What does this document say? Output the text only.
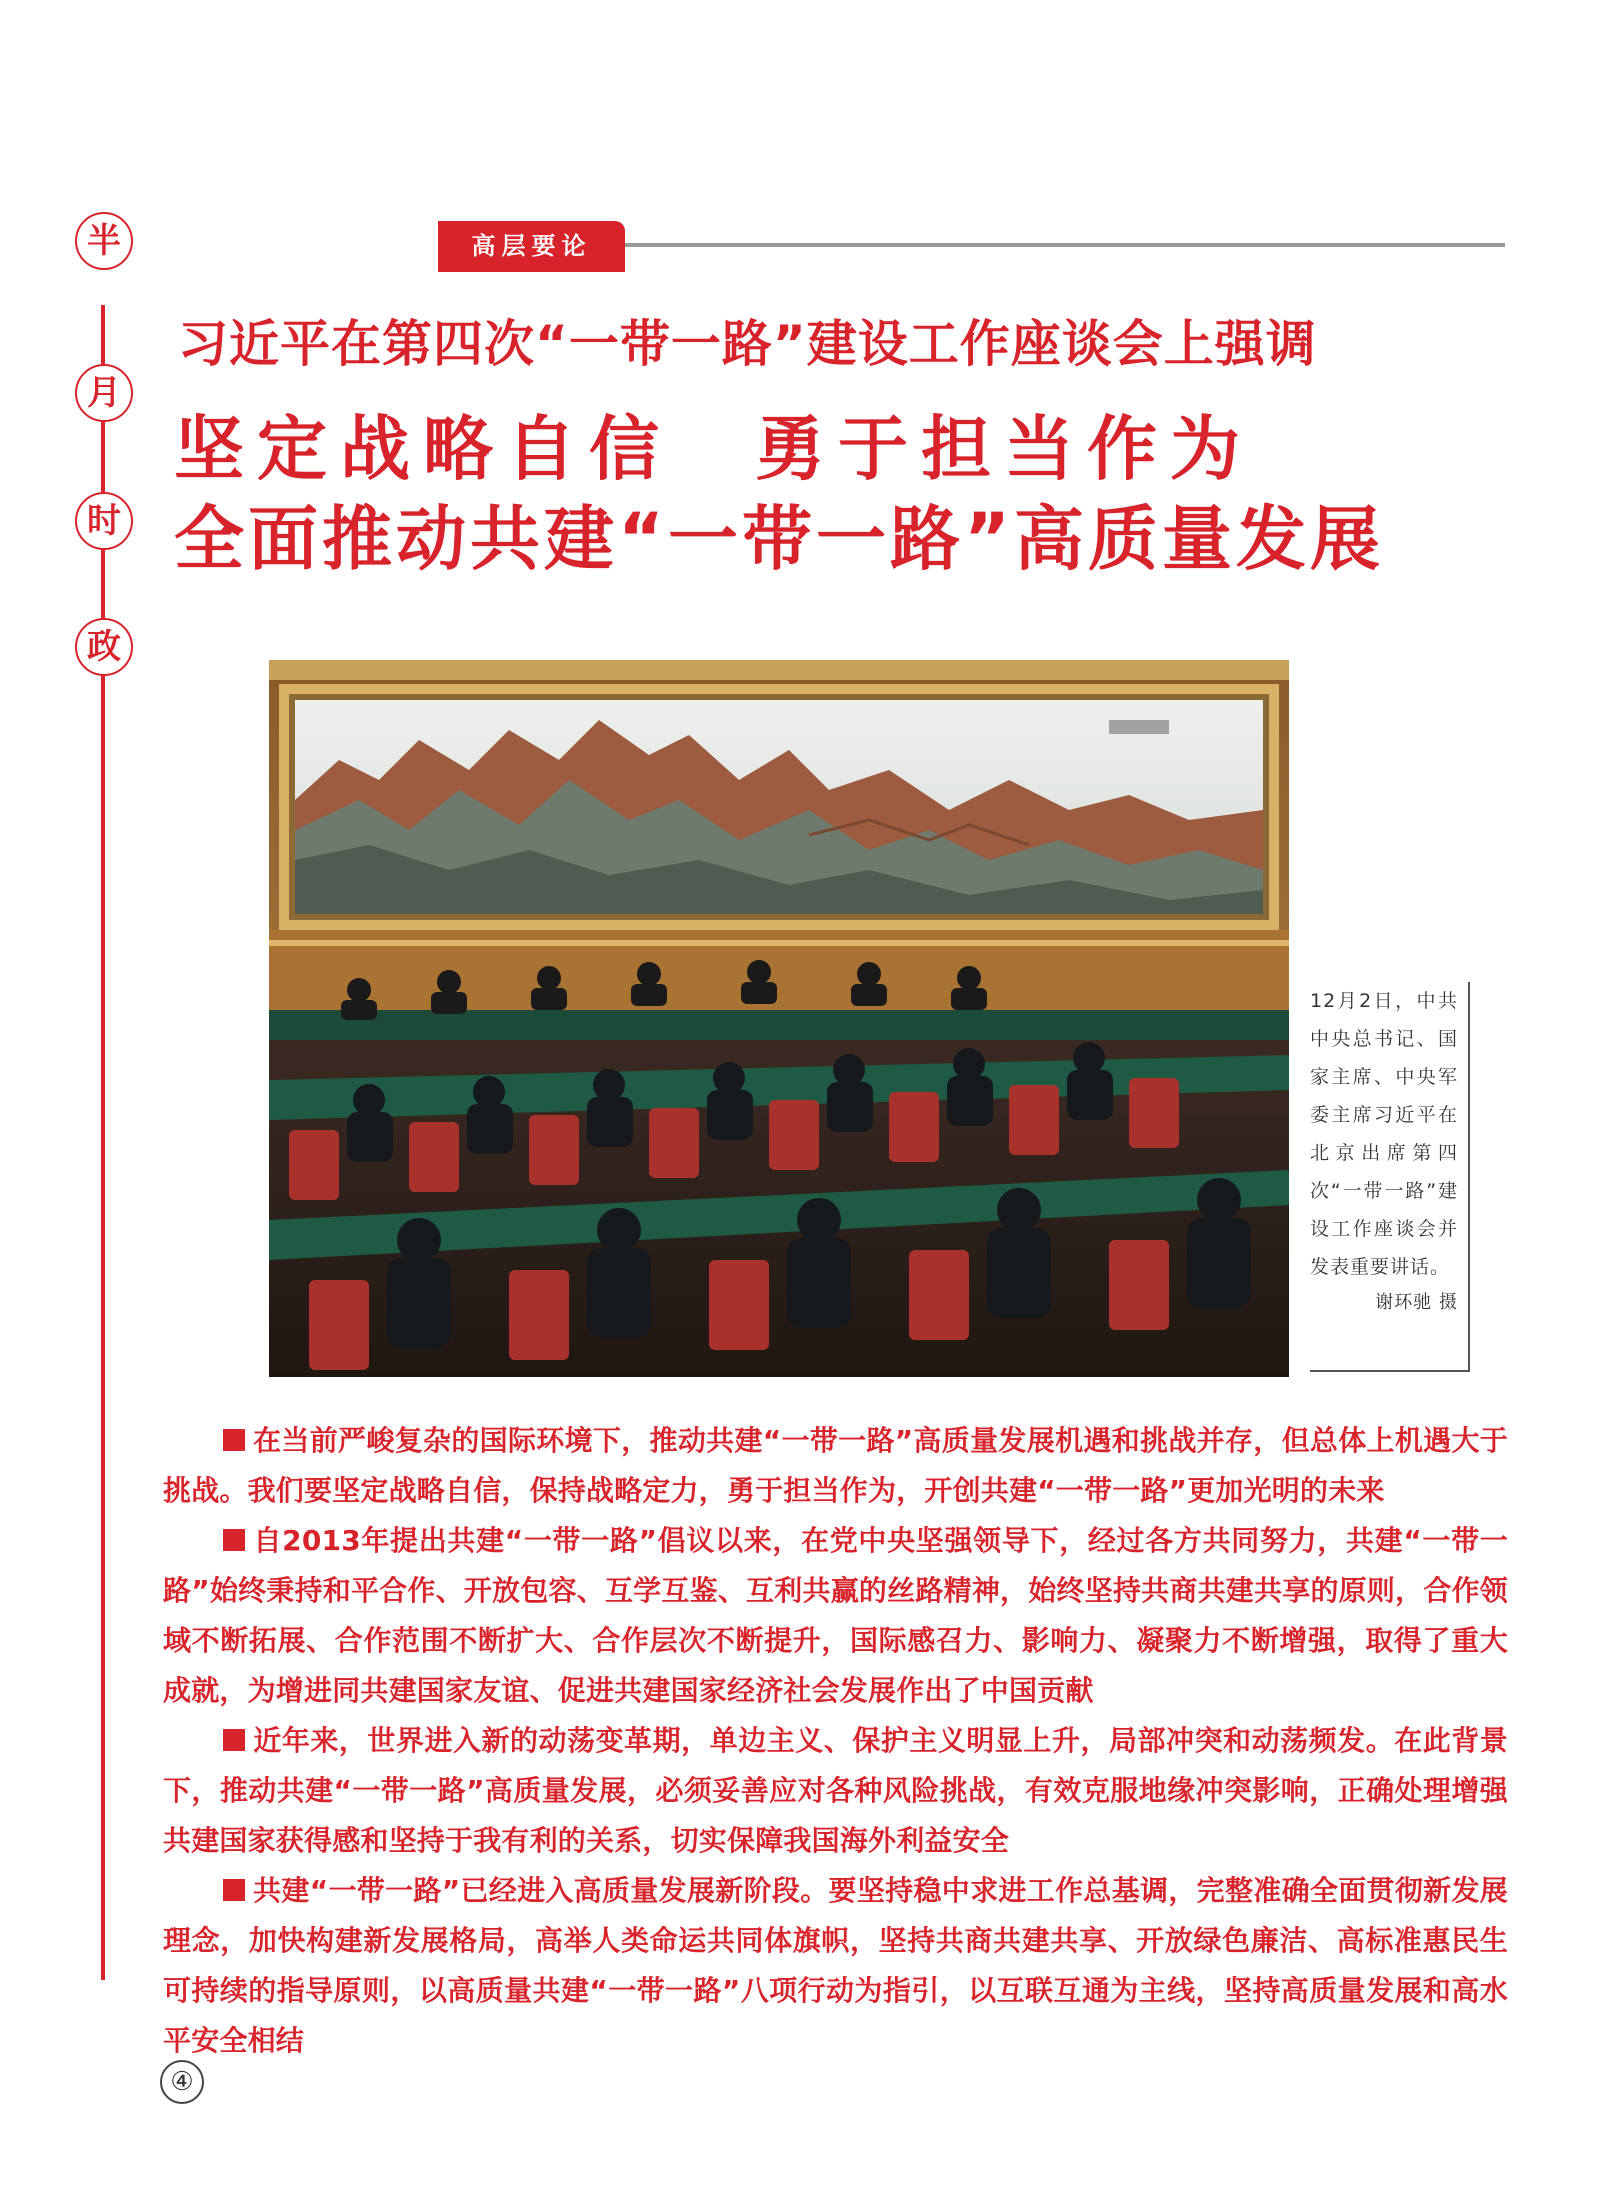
半
月
时
政
高层要论
习近平在第四次“一带一路”建设工作座谈会上强调
坚定战略自信　勇于担当作为
全面推动共建“一带一路”高质量发展
12月2日，中共中央总书记、国家主席、中央军委主席习近平在北京出席第四次“一带一路”建设工作座谈会并发表重要讲话。
谢环驰 摄

在当前严峻复杂的国际环境下，推动共建“一带一路”高质量发展机遇和挑战并存，但总体上机遇大于挑战。我们要坚定战略自信，保持战略定力，勇于担当作为，开创共建“一带一路”更加光明的未来

自2013年提出共建“一带一路”倡议以来，在党中央坚强领导下，经过各方共同努力，共建“一带一路”始终秉持和平合作、开放包容、互学互鉴、互利共赢的丝路精神，始终坚持共商共建共享的原则，合作领域不断拓展、合作范围不断扩大、合作层次不断提升，国际感召力、影响力、凝聚力不断增强，取得了重大成就，为增进同共建国家友谊、促进共建国家经济社会发展作出了中国贡献

近年来，世界进入新的动荡变革期，单边主义、保护主义明显上升，局部冲突和动荡频发。在此背景下，推动共建“一带一路”高质量发展，必须妥善应对各种风险挑战，有效克服地缘冲突影响，正确处理增强共建国家获得感和坚持于我有利的关系，切实保障我国海外利益安全

共建“一带一路”已经进入高质量发展新阶段。要坚持稳中求进工作总基调，完整准确全面贯彻新发展理念，加快构建新发展格局，高举人类命运共同体旗帜，坚持共商共建共享、开放绿色廉洁、高标准惠民生可持续的指导原则，以高质量共建“一带一路”八项行动为指引，以互联互通为主线，坚持高质量发展和高水平安全相结

④
